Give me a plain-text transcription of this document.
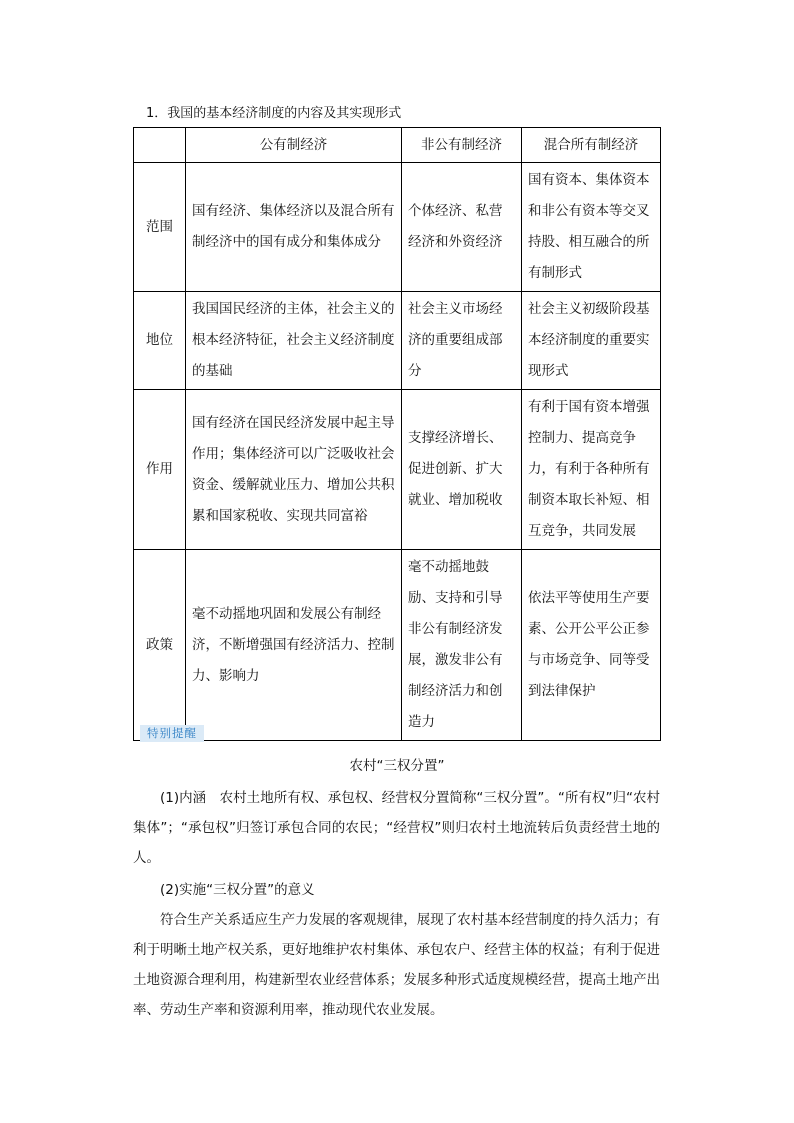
1．我国的基本经济制度的内容及其实现形式
	公有制经济	非公有制经济	混合所有制经济
范围	国有经济、集体经济以及混合所有制经济中的国有成分和集体成分	个体经济、私营经济和外资经济	国有资本、集体资本和非公有资本等交叉持股、相互融合的所有制形式
地位	我国国民经济的主体，社会主义的根本经济特征，社会主义经济制度的基础	社会主义市场经济的重要组成部分	社会主义初级阶段基本经济制度的重要实现形式
作用	国有经济在国民经济发展中起主导作用；集体经济可以广泛吸收社会资金、缓解就业压力、增加公共积累和国家税收、实现共同富裕	支撑经济增长、促进创新、扩大就业、增加税收	有利于国有资本增强控制力、提高竞争力，有利于各种所有制资本取长补短、相互竞争，共同发展
政策	毫不动摇地巩固和发展公有制经济，不断增强国有经济活力、控制力、影响力	毫不动摇地鼓励、支持和引导非公有制经济发展，激发非公有制经济活力和创造力	依法平等使用生产要素、公开公平公正参与市场竞争、同等受到法律保护
特别提醒
农村“三权分置”
(1)内涵　农村土地所有权、承包权、经营权分置简称“三权分置”。“所有权”归“农村集体”；“承包权”归签订承包合同的农民；“经营权”则归农村土地流转后负责经营土地的人。
(2)实施“三权分置”的意义
符合生产关系适应生产力发展的客观规律，展现了农村基本经营制度的持久活力；有利于明晰土地产权关系，更好地维护农村集体、承包农户、经营主体的权益；有利于促进土地资源合理利用，构建新型农业经营体系；发展多种形式适度规模经营，提高土地产出率、劳动生产率和资源利用率，推动现代农业发展。
